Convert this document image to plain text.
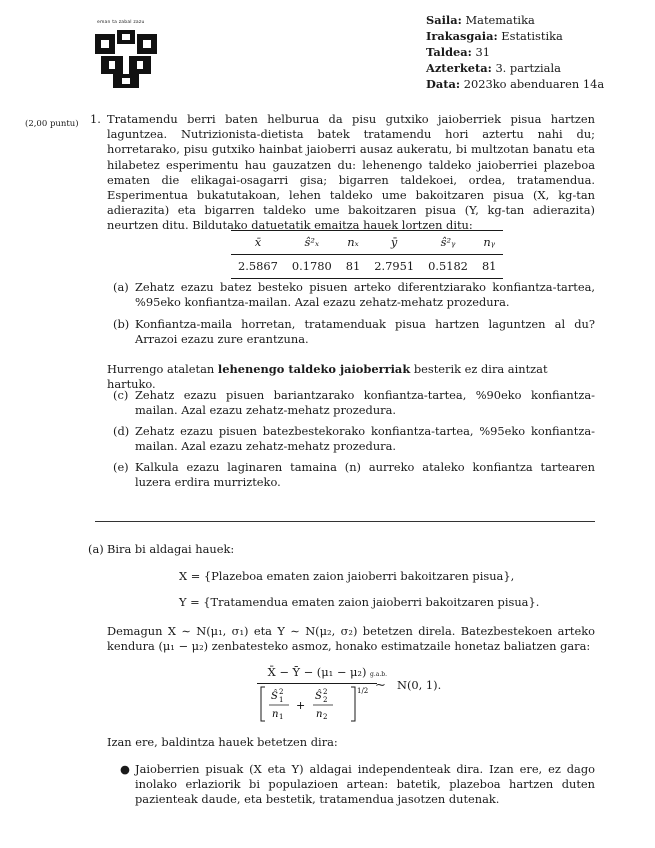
eman ta zabal zazu	Saila: Matematika
Irakasgaia: Estatistika
Taldea: 31
Azterketa: 3. partziala
Data: 2023ko abenduaren 14a
(2,00 puntu) 1. Tratamendu berri baten helburua da pisu gutxiko jaioberriek pisua hartzen laguntzea. Nutrizionista-dietista batek tratamendu hori aztertu nahi du; horretarako, pisu gutxiko hainbat jaioberri ausaz aukeratu, bi multzotan banatu eta hilabetez esperimentu hau gauzatzen du: lehenengo taldeko jaioberriei plazeboa ematen die elikagai-osagarri gisa; bigarren taldekoei, ordea, tratamendua. Esperimentua bukatutakoan, lehen taldeko ume bakoitzaren pisua (X, kg-tan adierazita) eta bigarren taldeko ume bakoitzaren pisua (Y, kg-tan adierazita) neurtzen ditu. Bildutako datuetatik emaitza hauek lortzen ditu:
x̄	ŝ²ₓ	nₓ	ȳ	ŝ²ᵧ	nᵧ
2.5867	0.1780	81	2.7951	0.5182	81
(a) Zehatz ezazu batez besteko pisuen arteko diferentziarako konfiantza-tartea, %95eko konfiantza-mailan. Azal ezazu zehatz-mehatz prozedura.
(b) Konfiantza-maila horretan, tratamenduak pisua hartzen laguntzen al du? Arrazoi ezazu zure erantzuna.
Hurrengo ataletan lehenengo taldeko jaioberriak besterik ez dira aintzat hartuko.
(c) Zehatz ezazu pisuen bariantzarako konfiantza-tartea, %90eko konfiantza-mailan. Azal ezazu zehatz-mehatz prozedura.
(d) Zehatz ezazu pisuen batezbestekorako konfiantza-tartea, %95eko konfiantza-mailan. Azal ezazu zehatz-mehatz prozedura.
(e) Kalkula ezazu laginaren tamaina (n) aurreko ataleko konfiantza tartearen luzera erdira murrizteko.
(a) Bira bi aldagai hauek:
X = {Plazeboa ematen zaion jaioberri bakoitzaren pisua},
Y = {Tratamendua ematen zaion jaioberri bakoitzaren pisua}.
Demagun X ∼ N(μ₁, σ₁) eta Y ∼ N(μ₂, σ₂) betetzen direla. Batezbestekoen arteko kendura (μ₁ − μ₂) zenbatesteko asmoz, honako estimatzaile honetaz baliatzen gara:
X̄ − Ȳ − (μ₁ − μ₂)
Ŝ 2
1
n 1
+
Ŝ 2
2
n 2
1/2
g.a.b.
∼ N(0, 1).
Izan ere, baldintza hauek betetzen dira:
● Jaioberrien pisuak (X eta Y) aldagai independenteak dira. Izan ere, ez dago inolako erlaziorik bi populazioen artean: batetik, plazeboa hartzen duten pazienteak daude, eta bestetik, tratamendua jasotzen dutenak.
